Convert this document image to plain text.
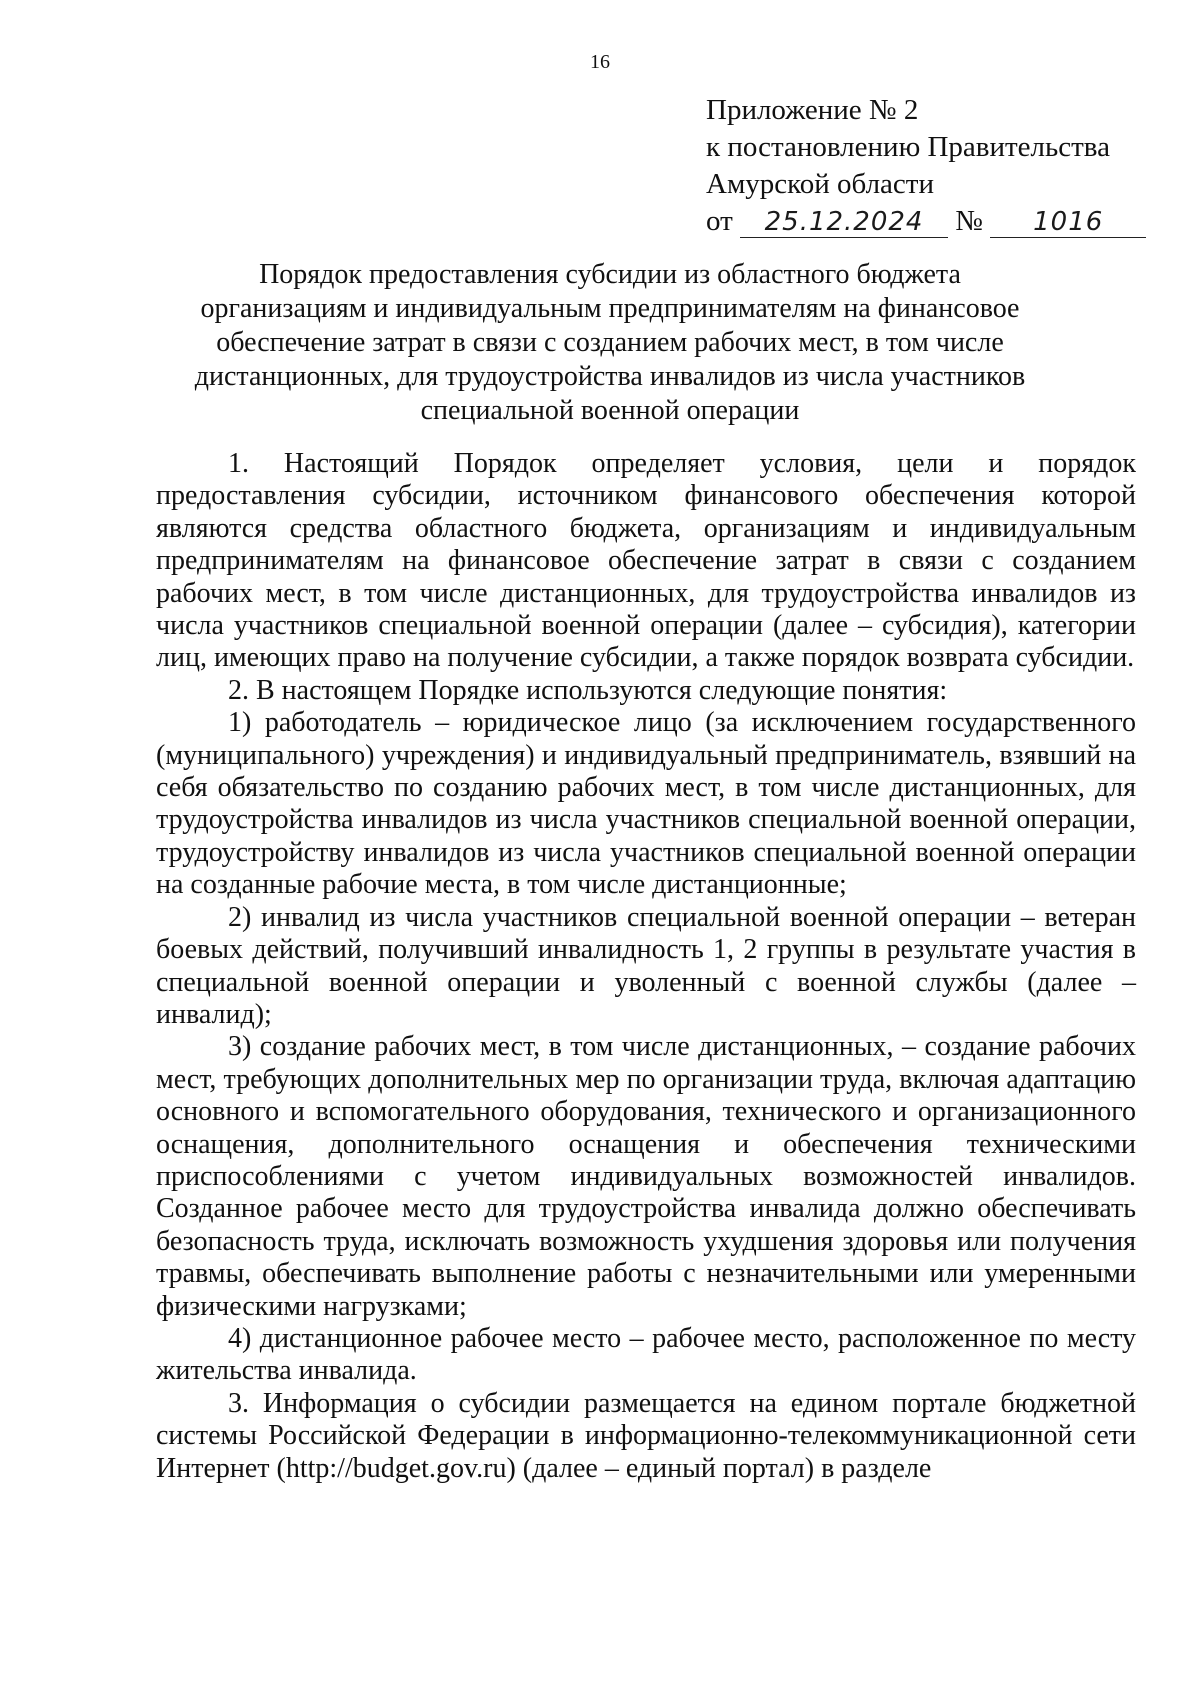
16
Приложение № 2
к постановлению Правительства
Амурской области
от 25.12.2024 № 1016
Порядок предоставления субсидии из областного бюджета
организациям и индивидуальным предпринимателям на финансовое
обеспечение затрат в связи с созданием рабочих мест, в том числе
дистанционных, для трудоустройства инвалидов из числа участников
специальной военной операции

1. Настоящий Порядок определяет условия, цели и порядок предоставления субсидии, источником финансового обеспечения которой являются средства областного бюджета, организациям и индивидуальным предпринимателям на финансовое обеспечение затрат в связи с созданием рабочих мест, в том числе дистанционных, для трудоустройства инвалидов из числа участников специальной военной операции (далее – субсидия), категории лиц, имеющих право на получение субсидии, а также порядок возврата субсидии.

2. В настоящем Порядке используются следующие понятия:

1) работодатель – юридическое лицо (за исключением государственного (муниципального) учреждения) и индивидуальный предприниматель, взявший на себя обязательство по созданию рабочих мест, в том числе дистанционных, для трудоустройства инвалидов из числа участников специальной военной операции, трудоустройству инвалидов из числа участников специальной военной операции на созданные рабочие места, в том числе дистанционные;

2) инвалид из числа участников специальной военной операции – ветеран боевых действий, получивший инвалидность 1, 2 группы в результате участия в специальной военной операции и уволенный с военной службы (далее – инвалид);

3) создание рабочих мест, в том числе дистанционных, – создание рабочих мест, требующих дополнительных мер по организации труда, включая адаптацию основного и вспомогательного оборудования, технического и организационного оснащения, дополнительного оснащения и обеспечения техническими приспособлениями с учетом индивидуальных возможностей инвалидов. Созданное рабочее место для трудоустройства инвалида должно обеспечивать безопасность труда, исключать возможность ухудшения здоровья или получения травмы, обеспечивать выполнение работы с незначительными или умеренными физическими нагрузками;

4) дистанционное рабочее место – рабочее место, расположенное по месту жительства инвалида.

3. Информация о субсидии размещается на едином портале бюджетной системы Российской Федерации в информационно-телекоммуникационной сети Интернет (http://budget.gov.ru) (далее – единый портал) в разделе
